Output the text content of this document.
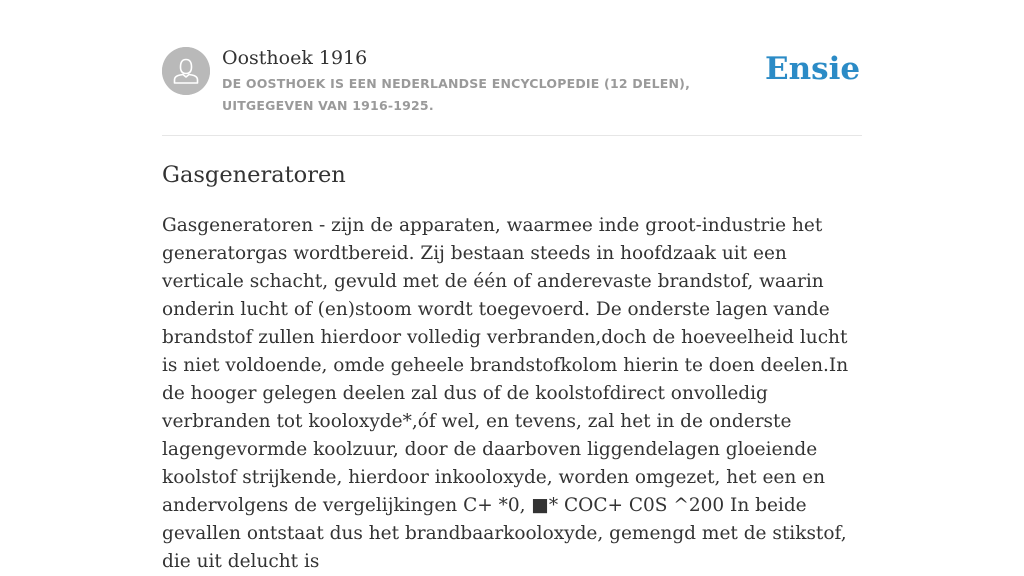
Oosthoek 1916
DE OOSTHOEK IS EEN NEDERLANDSE ENCYCLOPEDIE (12 DELEN), UITGEGEVEN VAN 1916-1925.
Ensie
Gasgeneratoren

Gasgeneratoren - zijn de apparaten, waarmee inde groot-industrie het generatorgas wordtbereid. Zij bestaan steeds in hoofdzaak uit een verticale schacht, gevuld met de één of anderevaste brandstof, waarin onderin lucht of (en)stoom wordt toegevoerd. De onderste lagen vande brandstof zullen hierdoor volledig verbranden,doch de hoeveelheid lucht is niet voldoende, omde geheele brandstofkolom hierin te doen deelen.In de hooger gelegen deelen zal dus of de koolstofdirect onvolledig verbranden tot kooloxyde*,óf wel, en tevens, zal het in de onderste lagengevormde koolzuur, door de daarboven liggendelagen gloeiende koolstof strijkende, hierdoor inkooloxyde, worden omgezet, het een en andervolgens de vergelijkingen C+ *0, ■* COC+ C0S ^200 In beide gevallen ontstaat dus het brandbaarkooloxyde, gemengd met de stikstof, die uit delucht is
